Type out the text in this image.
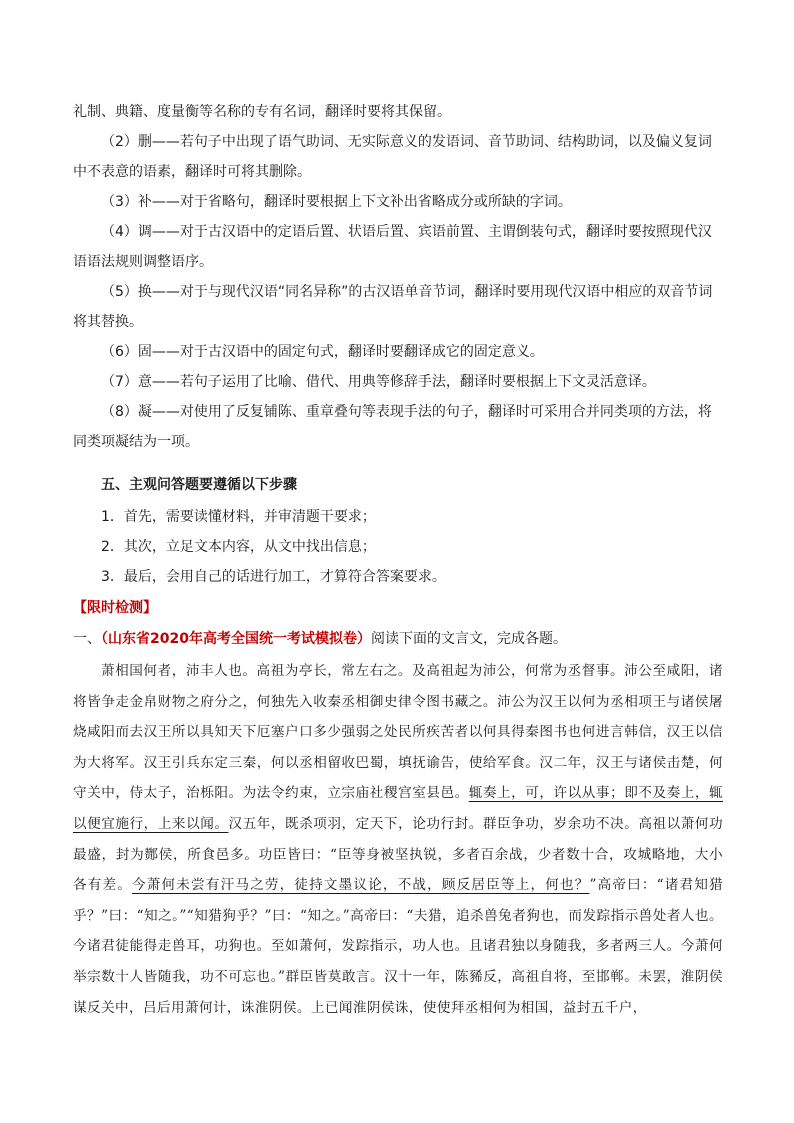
礼制、典籍、度量衡等名称的专有名词，翻译时要将其保留。

（2）删——若句子中出现了语气助词、无实际意义的发语词、音节助词、结构助词，以及偏义复词中不表意的语素，翻译时可将其删除。

（3）补——对于省略句，翻译时要根据上下文补出省略成分或所缺的字词。

（4）调——对于古汉语中的定语后置、状语后置、宾语前置、主谓倒装句式，翻译时要按照现代汉语语法规则调整语序。

（5）换——对于与现代汉语“同名异称”的古汉语单音节词，翻译时要用现代汉语中相应的双音节词将其替换。

（6）固——对于古汉语中的固定句式，翻译时要翻译成它的固定意义。

（7）意——若句子运用了比喻、借代、用典等修辞手法，翻译时要根据上下文灵活意译。

（8）凝——对使用了反复铺陈、重章叠句等表现手法的句子，翻译时可采用合并同类项的方法，将同类项凝结为一项。

五、主观问答题要遵循以下步骤

1．首先，需要读懂材料，并审清题干要求；

2．其次，立足文本内容，从文中找出信息；

3．最后，会用自己的话进行加工，才算符合答案要求。

【限时检测】

一、（山东省2020年高考全国统一考试模拟卷）阅读下面的文言文，完成各题。

萧相国何者，沛丰人也。高祖为亭长，常左右之。及高祖起为沛公，何常为丞督事。沛公至咸阳，诸将皆争走金帛财物之府分之，何独先入收秦丞相御史律令图书藏之。沛公为汉王以何为丞相项王与诸侯屠烧咸阳而去汉王所以具知天下厄塞户口多少强弱之处民所疾苦者以何具得秦图书也何进言韩信，汉王以信为大将军。汉王引兵东定三秦，何以丞相留收巴蜀，填抚谕告，使给军食。汉二年，汉王与诸侯击楚，何守关中，侍太子，治栎阳。为法令约束，立宗庙社稷宫室县邑。辄奏上，可，许以从事；即不及奏上，辄以便宜施行，上来以闻。汉五年，既杀项羽，定天下，论功行封。群臣争功，岁余功不决。高祖以萧何功最盛，封为酂侯，所食邑多。功臣皆曰：“臣等身被坚执锐，多者百余战，少者数十合，攻城略地，大小各有差。今萧何未尝有汗马之劳，徒持文墨议论，不战，顾反居臣等上，何也？”高帝曰：“诸君知猎乎？”曰：“知之。”“知猎狗乎？”曰：“知之。”高帝曰：“夫猎，追杀兽兔者狗也，而发踪指示兽处者人也。今诸君徒能得走兽耳，功狗也。至如萧何，发踪指示，功人也。且诸君独以身随我，多者两三人。今萧何举宗数十人皆随我，功不可忘也。”群臣皆莫敢言。汉十一年，陈豨反，高祖自将，至邯郸。未罢，淮阴侯谋反关中，吕后用萧何计，诛淮阴侯。上已闻淮阴侯诛，使使拜丞相何为相国，益封五千户，
